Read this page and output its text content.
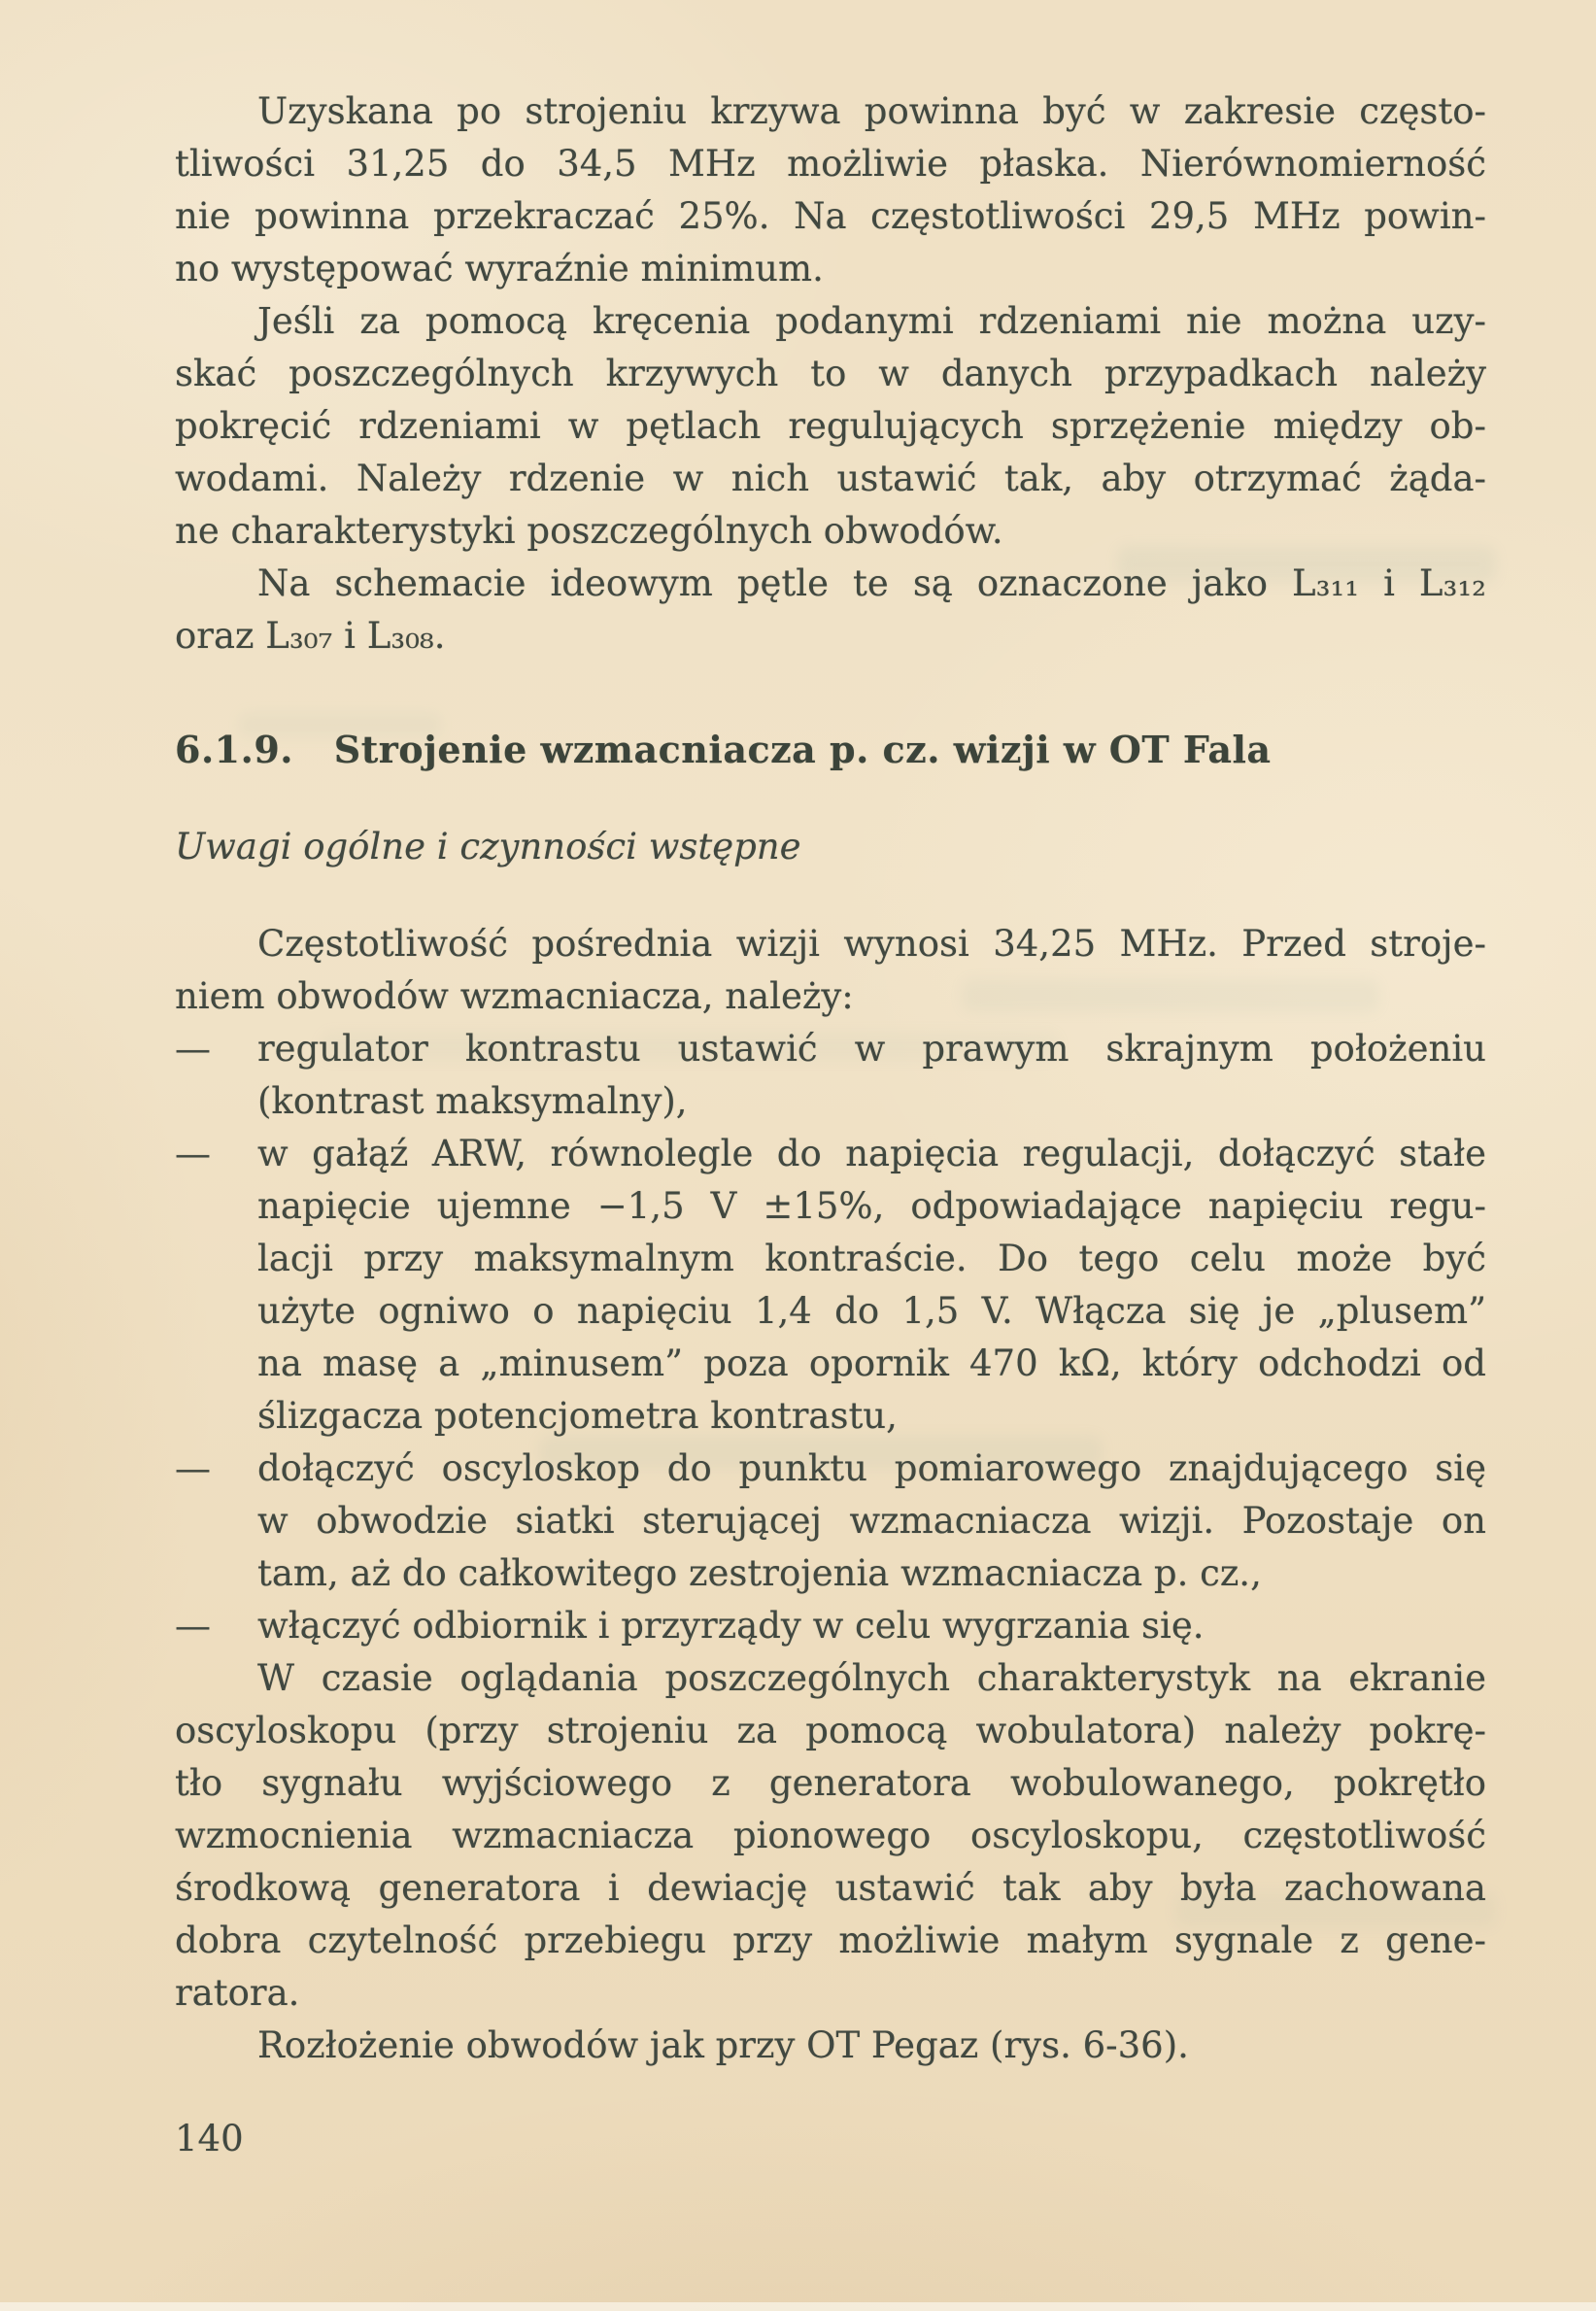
Uzyskana po strojeniu krzywa powinna być w zakresie często-
tliwości 31,25 do 34,5 MHz możliwie płaska. Nierównomierność
nie powinna przekraczać 25%. Na częstotliwości 29,5 MHz powin-
no występować wyraźnie minimum.
Jeśli za pomocą kręcenia podanymi rdzeniami nie można uzy-
skać poszczególnych krzywych to w danych przypadkach należy
pokręcić rdzeniami w pętlach regulujących sprzężenie między ob-
wodami. Należy rdzenie w nich ustawić tak, aby otrzymać żąda-
ne charakterystyki poszczególnych obwodów.
Na schemacie ideowym pętle te są oznaczone jako L₃₁₁ i L₃₁₂
oraz L₃₀₇ i L₃₀₈.
6.1.9. Strojenie wzmacniacza p. cz. wizji w OT Fala
Uwagi ogólne i czynności wstępne
Częstotliwość pośrednia wizji wynosi 34,25 MHz. Przed stroje-
niem obwodów wzmacniacza, należy:
— regulator kontrastu ustawić w prawym skrajnym położeniu
(kontrast maksymalny),
— w gałąź ARW, równolegle do napięcia regulacji, dołączyć stałe
napięcie ujemne −1,5 V ±15%, odpowiadające napięciu regu-
lacji przy maksymalnym kontraście. Do tego celu może być
użyte ogniwo o napięciu 1,4 do 1,5 V. Włącza się je „plusem”
na masę a „minusem” poza opornik 470 kΩ, który odchodzi od
ślizgacza potencjometra kontrastu,
— dołączyć oscyloskop do punktu pomiarowego znajdującego się
w obwodzie siatki sterującej wzmacniacza wizji. Pozostaje on
tam, aż do całkowitego zestrojenia wzmacniacza p. cz.,
— włączyć odbiornik i przyrządy w celu wygrzania się.
W czasie oglądania poszczególnych charakterystyk na ekranie
oscyloskopu (przy strojeniu za pomocą wobulatora) należy pokrę-
tło sygnału wyjściowego z generatora wobulowanego, pokrętło
wzmocnienia wzmacniacza pionowego oscyloskopu, częstotliwość
środkową generatora i dewiację ustawić tak aby była zachowana
dobra czytelność przebiegu przy możliwie małym sygnale z gene-
ratora.
Rozłożenie obwodów jak przy OT Pegaz (rys. 6-36).
140
